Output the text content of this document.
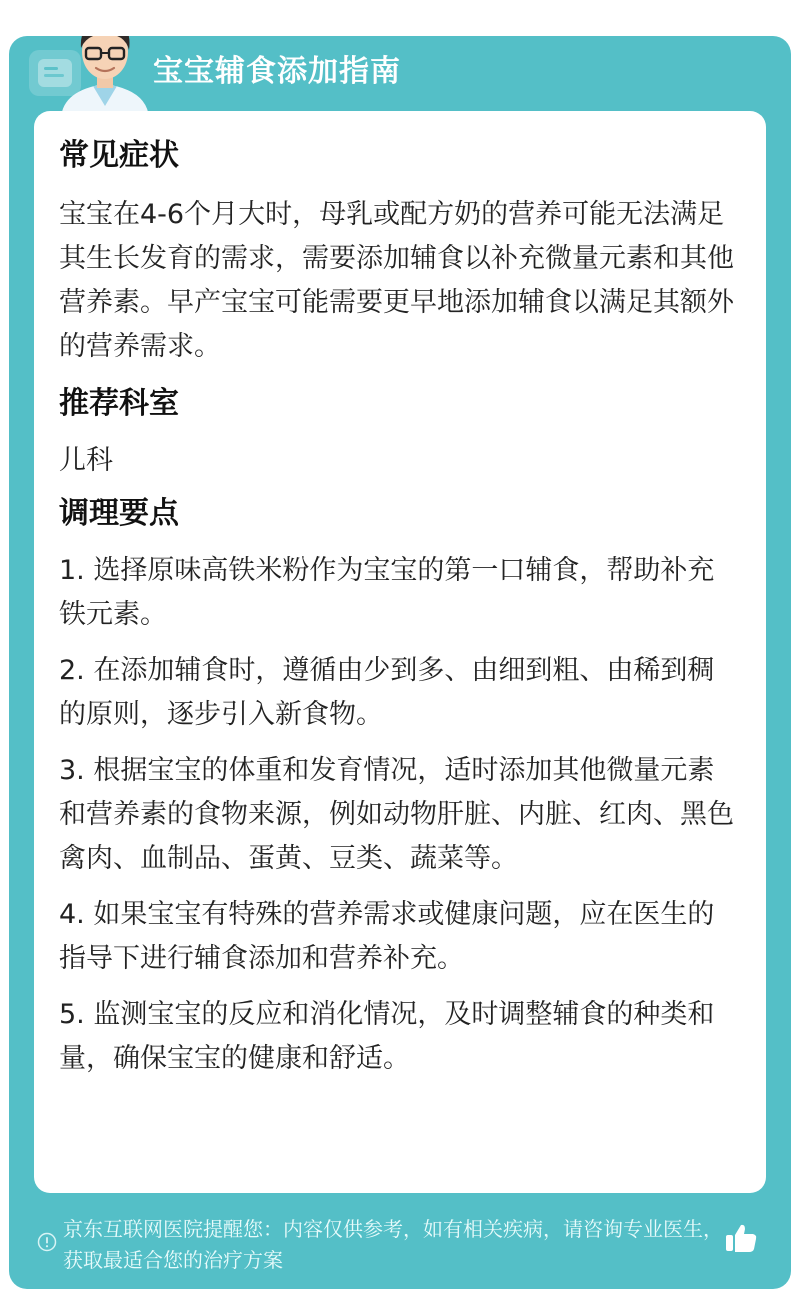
宝宝辅食添加指南
常见症状

宝宝在4-6个月大时，母乳或配方奶的营养可能无法满足其生长发育的需求，需要添加辅食以补充微量元素和其他营养素。早产宝宝可能需要更早地添加辅食以满足其额外的营养需求。

推荐科室

儿科

调理要点

1. 选择原味高铁米粉作为宝宝的第一口辅食，帮助补充铁元素。

2. 在添加辅食时，遵循由少到多、由细到粗、由稀到稠的原则，逐步引入新食物。

3. 根据宝宝的体重和发育情况，适时添加其他微量元素和营养素的食物来源，例如动物肝脏、内脏、红肉、黑色禽肉、血制品、蛋黄、豆类、蔬菜等。

4. 如果宝宝有特殊的营养需求或健康问题，应在医生的指导下进行辅食添加和营养补充。

5. 监测宝宝的反应和消化情况，及时调整辅食的种类和量，确保宝宝的健康和舒适。

京东互联网医院提醒您：内容仅供参考，如有相关疾病，请咨询专业医生，获取最适合您的治疗方案
